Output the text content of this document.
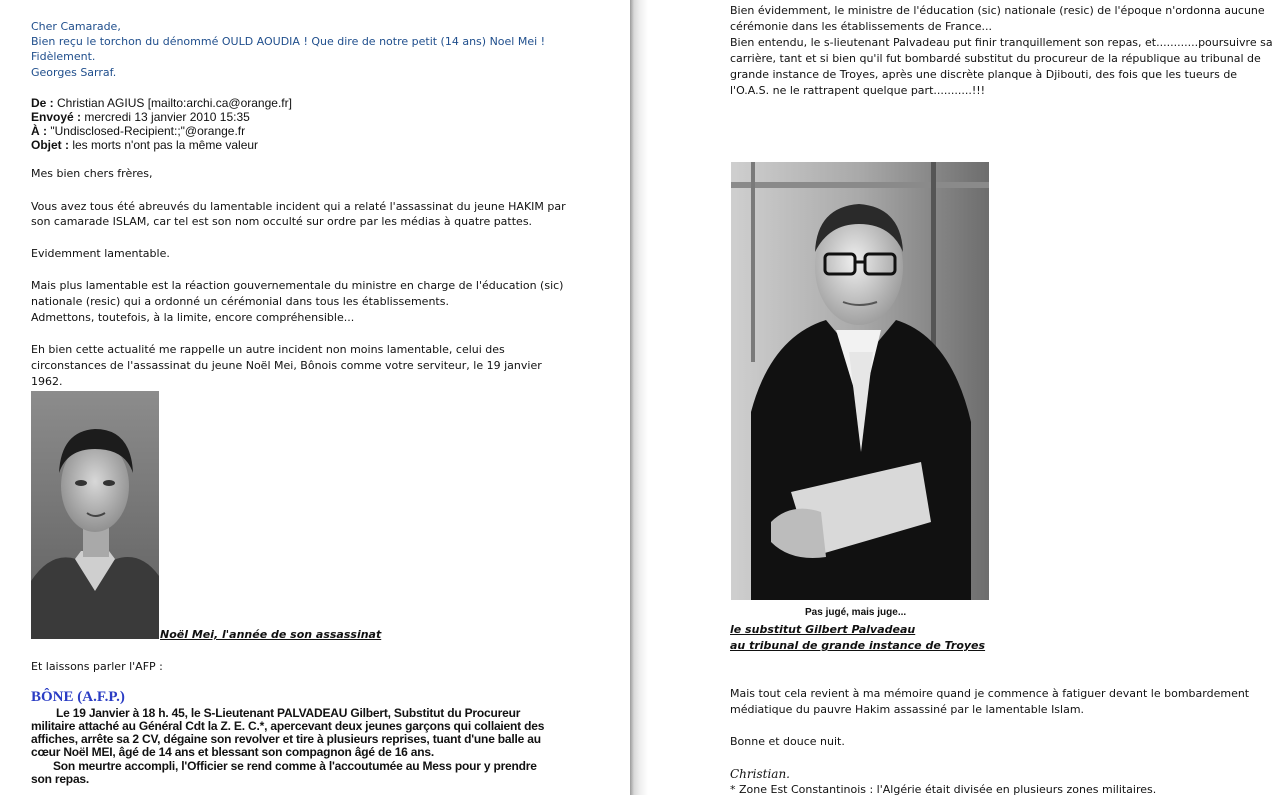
Cher Camarade,
Bien reçu le torchon du dénommé OULD AOUDIA ! Que dire de notre petit (14 ans) Noel Mei !
Fidèlement.
Georges Sarraf.
De : Christian AGIUS [mailto:archi.ca@orange.fr]
Envoyé : mercredi 13 janvier 2010 15:35
À : "Undisclosed-Recipient:;"@orange.fr
Objet : les morts n'ont pas la même valeur
Mes bien chers frères,
Vous avez tous été abreuvés du lamentable incident qui a relaté l'assassinat du jeune HAKIM par
son camarade ISLAM, car tel est son nom occulté sur ordre par les médias à quatre pattes.
Evidemment lamentable.
Mais plus lamentable est la réaction gouvernementale du ministre en charge de l'éducation (sic)
nationale (resic) qui a ordonné un cérémonial dans tous les établissements.
Admettons, toutefois, à la limite, encore compréhensible...
Eh bien cette actualité me rappelle un autre incident non moins lamentable, celui des
circonstances de l'assassinat du jeune Noël Mei, Bônois comme votre serviteur, le 19 janvier
1962.
Noël Mei, l'année de son assassinat
Et laissons parler l'AFP :
BÔNE (A.F.P.)
Le 19 Janvier à 18 h. 45, le S-Lieutenant PALVADEAU Gilbert, Substitut du Procureur
militaire attaché au Général Cdt la Z. E. C.*, apercevant deux jeunes garçons qui collaient des
affiches, arrête sa 2 CV, dégaine son revolver et tire à plusieurs reprises, tuant d'une balle au
cœur Noël MEI, âgé de 14 ans et blessant son compagnon âgé de 16 ans.
Son meurtre accompli, l'Officier se rend comme à l'accoutumée au Mess pour y prendre
son repas.
Bien évidemment, le ministre de l'éducation (sic) nationale (resic) de l'époque n'ordonna aucune
cérémonie dans les établissements de France...
Bien entendu, le s-lieutenant Palvadeau put finir tranquillement son repas, et............poursuivre sa
carrière, tant et si bien qu'il fut bombardé substitut du procureur de la république au tribunal de
grande instance de Troyes, après une discrète planque à Djibouti, des fois que les tueurs de
l'O.A.S. ne le rattrapent quelque part...........!!!
Pas jugé, mais juge...
le substitut Gilbert Palvadeau
au tribunal de grande instance de Troyes
Mais tout cela revient à ma mémoire quand je commence à fatiguer devant le bombardement
médiatique du pauvre Hakim assassiné par le lamentable Islam.
Bonne et douce nuit.
Christian.
* Zone Est Constantinois : l'Algérie était divisée en plusieurs zones militaires.
